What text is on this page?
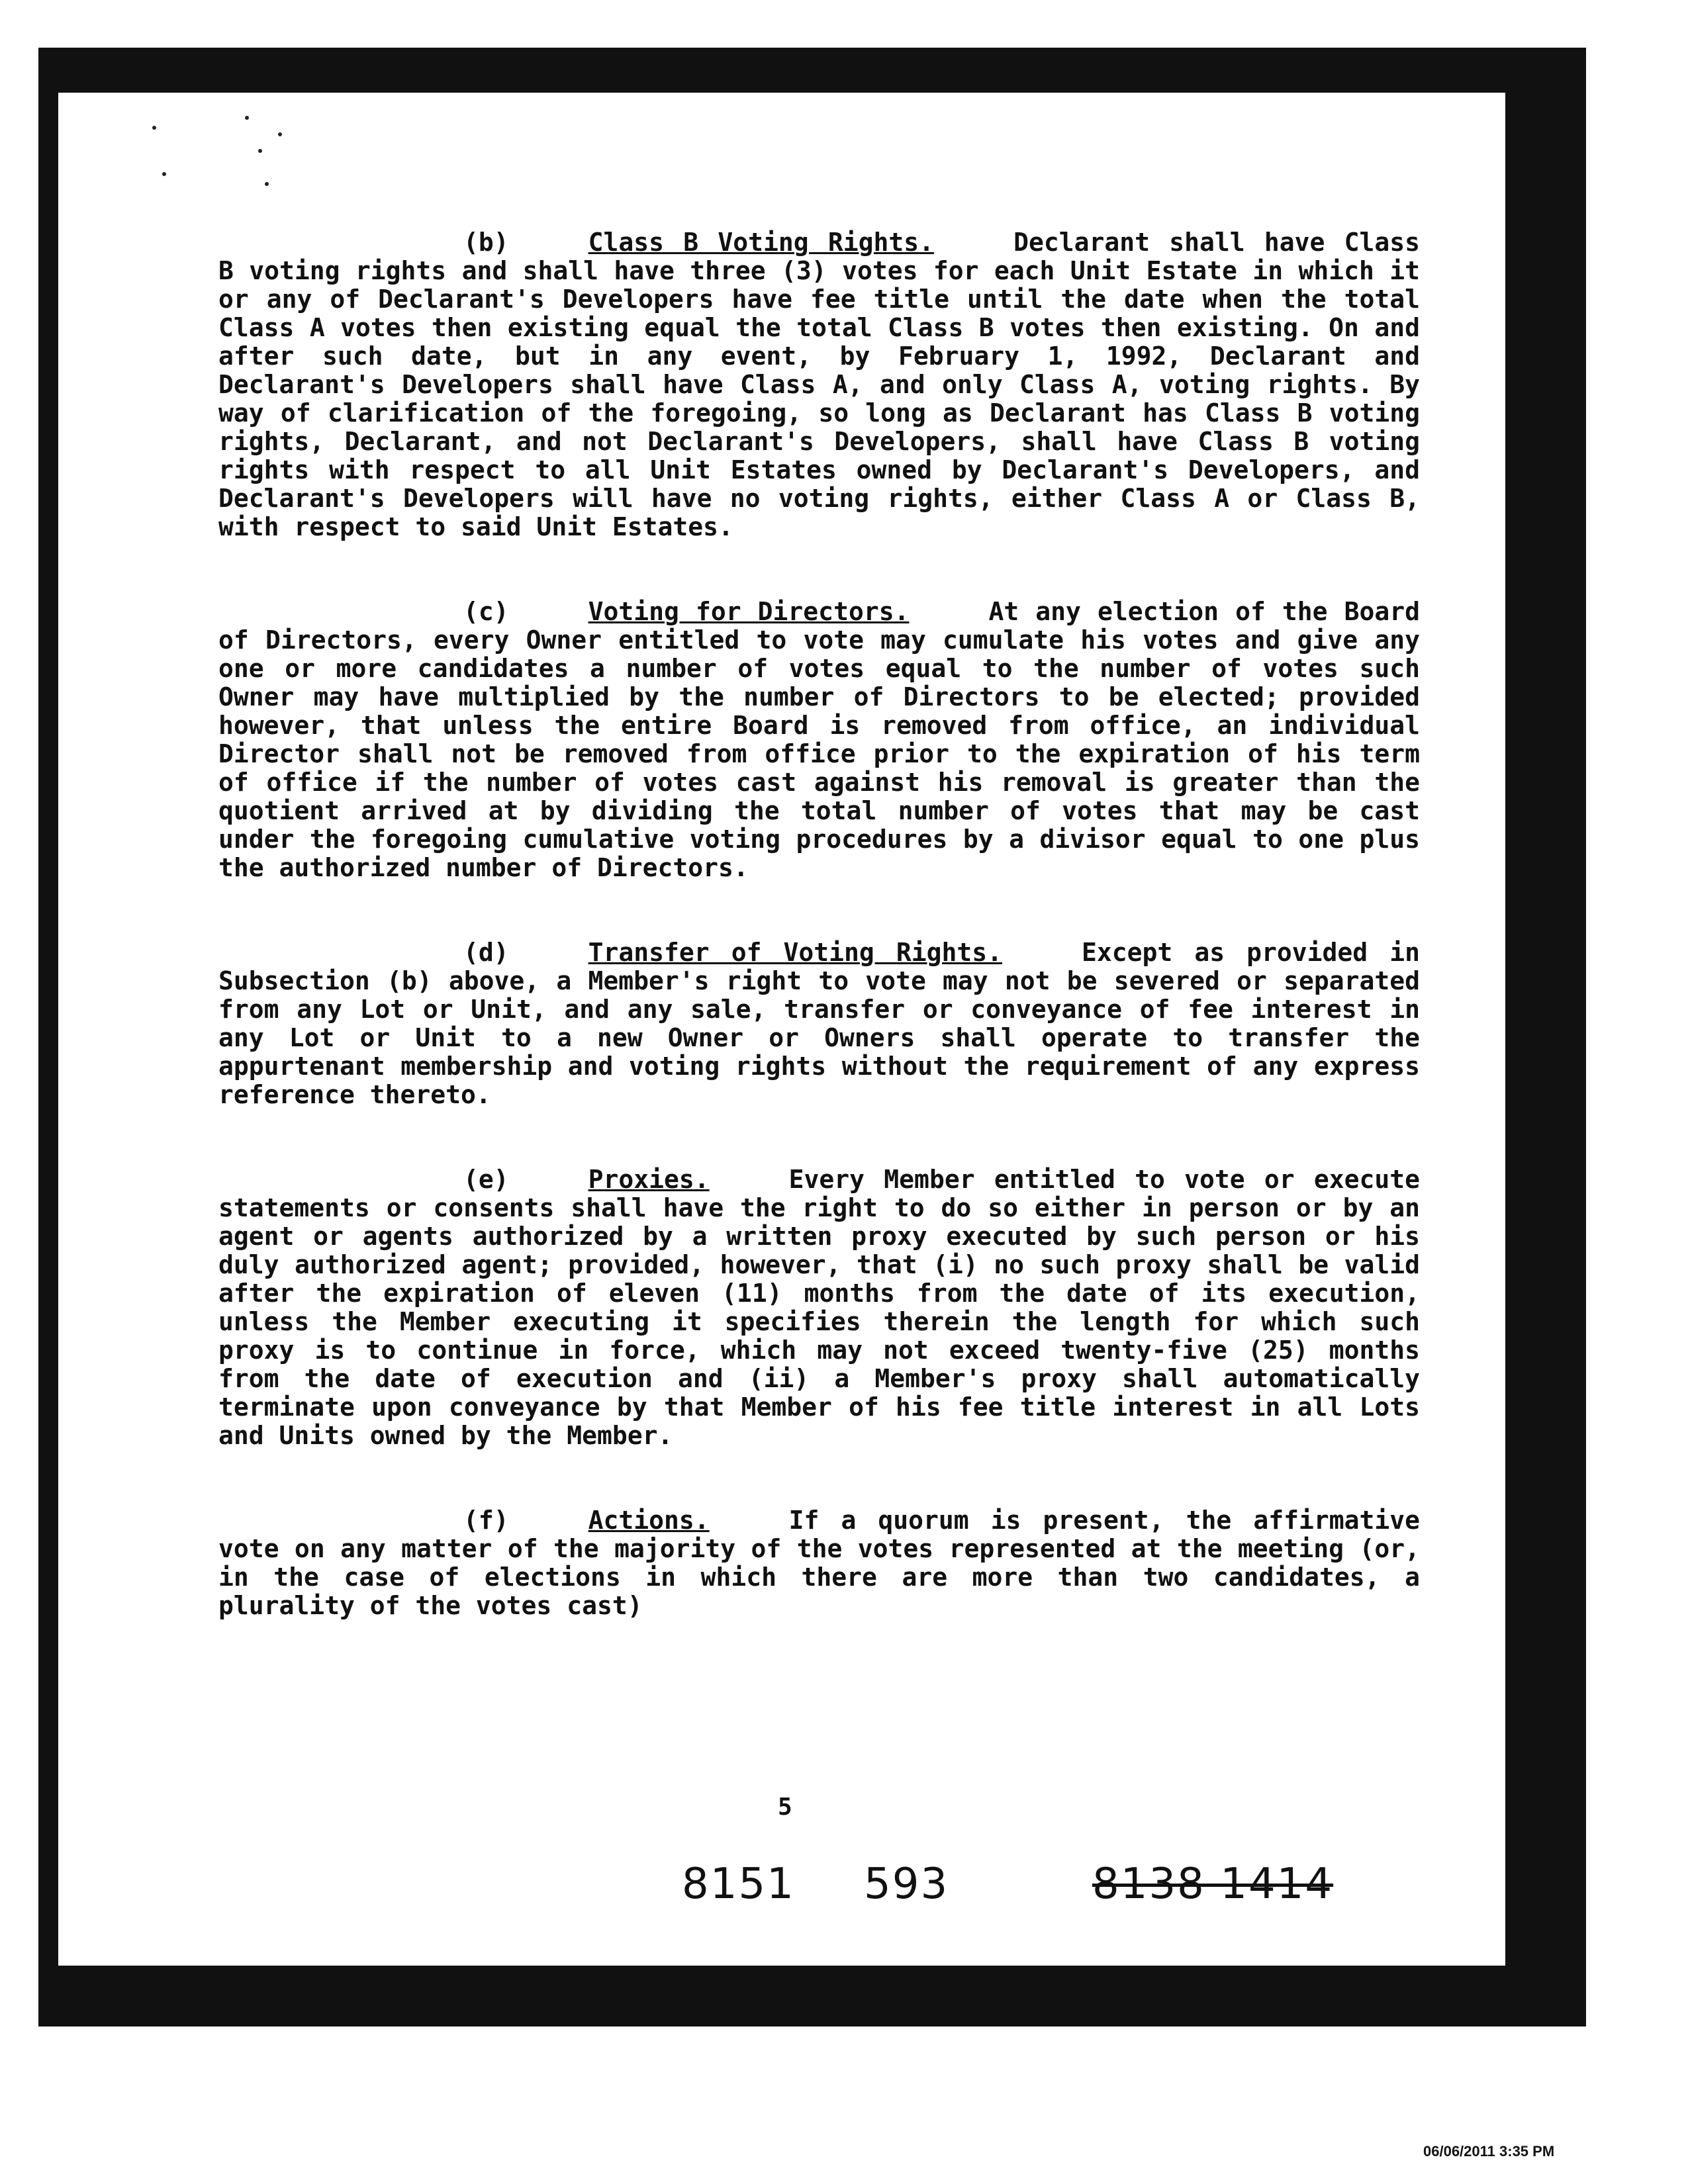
(b)	Class B Voting Rights.	Declarant shall have Class B voting rights and shall have three (3) votes for each Unit Estate in which it or any of Declarant's Developers have fee title until the date when the total Class A votes then existing equal the total Class B votes then existing. On and after such date, but in any event, by February 1, 1992, Declarant and Declarant's Developers shall have Class A, and only Class A, voting rights. By way of clarification of the foregoing, so long as Declarant has Class B voting rights, Declarant, and not Declarant's Developers, shall have Class B voting rights with respect to all Unit Estates owned by Declarant's Developers, and Declarant's Developers will have no voting rights, either Class A or Class B, with respect to said Unit Estates.

(c)	Voting for Directors.	At any election of the Board of Directors, every Owner entitled to vote may cumulate his votes and give any one or more candidates a number of votes equal to the number of votes such Owner may have multiplied by the number of Directors to be elected; provided however, that unless the entire Board is removed from office, an individual Director shall not be removed from office prior to the expiration of his term of office if the number of votes cast against his removal is greater than the quotient arrived at by dividing the total number of votes that may be cast under the foregoing cumulative voting procedures by a divisor equal to one plus the authorized number of Directors.

(d)	Transfer of Voting Rights.	Except as provided in Subsection (b) above, a Member's right to vote may not be severed or separated from any Lot or Unit, and any sale, transfer or conveyance of fee interest in any Lot or Unit to a new Owner or Owners shall operate to transfer the appurtenant membership and voting rights without the requirement of any express reference thereto.

(e)	Proxies.	Every Member entitled to vote or execute statements or consents shall have the right to do so either in person or by an agent or agents authorized by a written proxy executed by such person or his duly authorized agent; provided, however, that (i) no such proxy shall be valid after the expiration of eleven (11) months from the date of its execution, unless the Member executing it specifies therein the length for which such proxy is to continue in force, which may not exceed twenty-five (25) months from the date of execution and (ii) a Member's proxy shall automatically terminate upon conveyance by that Member of his fee title interest in all Lots and Units owned by the Member.

(f)	Actions.	If a quorum is present, the affirmative vote on any matter of the majority of the votes represented at the meeting (or, in the case of elections in which there are more than two candidates, a plurality of the votes cast)

5
8151 593	8138 1414
06/06/2011 3:35 PM
